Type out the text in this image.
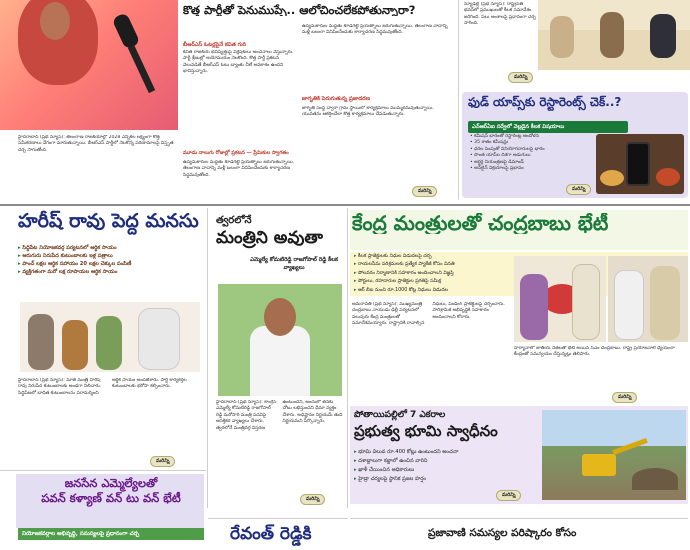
కొత్త పార్టీతో పెనుముప్పే.. ఆలోచించలేకపోతున్నారా?
హైదరాబాద్ (ప్రభ న్యూస్): తెలంగాణ రాజకీయాల్లో 2028 ఎన్నికల లక్ష్యంగా కొత్త సమీకరణాలు వేగంగా మారుతున్నాయి. బీఆర్ఎస్ పార్టీలో నెలకొన్న పరిణామాలపై విస్తృత చర్చ సాగుతోంది.
బీఆర్ఎస్ ఓటర్లపైనే కవిత గురి
కవిత రాజకీయ భవిష్యత్తుపై విశ్లేషకులు అంచనాలు వేస్తున్నారు. పార్టీ శ్రేణుల్లో అయోమయం నెలకొంది. కొత్త పార్టీ ప్రకటన వెలువడితే బీఆర్ఎస్ ఓటు బ్యాంకు చీలే అవకాశం ఉందని భావిస్తున్నారు.
మూడు నాలుగు రోజుల్లో ప్రకటన — ప్రేమికుల స్వాగతం
ఉద్యమకారుల మద్దతు కూడగట్టే ప్రయత్నాలు జరుగుతున్నాయి. తెలంగాణ వాదాన్ని మళ్లీ బలంగా వినిపించేందుకు కార్యాచరణ సిద్ధమవుతోంది.
ఉద్యమకారుల మద్దతు కూడగట్టే ప్రయత్నాలు జరుగుతున్నాయి. తెలంగాణ వాదాన్ని మళ్లీ బలంగా వినిపించేందుకు కార్యాచరణ సిద్ధమవుతోంది.
జాగృతికి పెరుగుతున్న ప్రజాదరణ
జాగృతి సంస్థ ద్వారా గ్రామ స్థాయిలో కార్యక్రమాలు ముమ్మరమవుతున్నాయి. యువతను ఆకర్షించేలా కొత్త కార్యక్రమాలు చేపడుతున్నారు.
మరిన్ని
న్యూఢిల్లీ (ప్రభ న్యూస్): రాష్ట్రపతి భవన్‌లో ప్రముఖులతో కీలక సమావేశం జరిగింది. పలు అంశాలపై ప్రధానంగా చర్చ సాగింది.
మరిన్ని
ఫుడ్ యాప్స్‌కు రెస్టారెంట్స్ చెక్..?
ఎన్ఆర్ఏఐ సర్వేలో వెల్లడైన కీలక విషయాలు
• కమీషన్ భారంతో రెస్టారెంట్ల ఆందోళన
• 35 శాతం కమీషన్లు
• ధరల పెంపుతో వినియోగదారులపై భారం
• సొంత యాప్‌ల దిశగా అడుగులు
• ఆర్డర్ల నియంత్రణపై డిమాండ్
• ఆన్‌లైన్ విక్రయాలపై ప్రభావం
మరిన్ని
హరీష్ రావు పెద్ద మనసు
▸ సిద్ధిపేట నియోజకవర్గ పర్యటనలో ఆర్థిక సాయం
▸ ఆరుగురు నిరుపేద కుటుంబాలకు ఇళ్ల పత్రాలు
▸ పాంచ్ లక్షల ఆర్థిక సహాయం 20 లక్షల చెక్కుల పంపిణీ
▸ వ్యక్తిగతంగా మరో లక్ష రూపాయల ఆర్థిక సాయం
హైదరాబాద్ (ప్రభ న్యూస్): మాజీ మంత్రి హరీష్ రావు నిరుపేద కుటుంబాలకు అండగా నిలిచారు. సిద్ధిపేటలో బాధిత కుటుంబాలను పరామర్శించి ఆర్థిక సాయం అందజేశారు. పార్టీ కార్యకర్తల కుటుంబాలకు భరోసా కల్పించారు.
మరిన్ని
త్వరలోనే
మంత్రిని అవుతా
ఎమ్మెల్యే కోమటిరెడ్డి రాజగోపాల్ రెడ్డి కీలక వ్యాఖ్యలు
హైదరాబాద్ (ప్రభ న్యూస్): కాంగ్రెస్ ఎమ్మెల్యే కోమటిరెడ్డి రాజగోపాల్ రెడ్డి మరోసారి మంత్రి పదవిపై ఆసక్తికర వ్యాఖ్యలు చేశారు. త్వరలోనే మంత్రివర్గ విస్తరణ ఉంటుందని, అందులో తనకు చోటు లభిస్తుందని ధీమా వ్యక్తం చేశారు. అధిష్టానం నిర్ణయమే తుది నిర్ణయమని పేర్కొన్నారు.
మరిన్ని
కేంద్ర మంత్రులతో చంద్రబాబు భేటీ
▸ కీలక ప్రాజెక్టులకు నిధుల విడుదలపై చర్చ
▸ రాయలసీమ పరిశ్రమలకు ప్రత్యేక ప్యాకేజీ కోసం వినతి
▸ పోలవరం నిర్మాణానికి సహకారం అందించాలని విజ్ఞప్తి
▸ పోర్టులు, రహదారుల ప్రాజెక్టుల ప్రగతిపై సమీక్ష
▸ ఆర్ బీఐ నుంచి రూ.1000 కోట్ల నిధులు విడుదల
అమరావతి (ప్రభ న్యూస్): ముఖ్యమంత్రి చంద్రబాబు నాయుడు ఢిల్లీ పర్యటనలో పలువురు కేంద్ర మంత్రులతో సమావేశమయ్యారు. రాష్ట్రానికి రావాల్సిన నిధులు, పెండింగ్ ప్రాజెక్టులపై చర్చించారు. పారిశ్రామిక అభివృద్ధికి సహకారం అందించాలని కోరారు.
హర్యానాలో జాతీయ నేతలతో భేటీ అయిన సీఎం చంద్రబాబు. రాష్ట్ర ప్రయోజనాలే ధ్యేయంగా కేంద్రంతో సమన్వయం చేస్తున్నట్లు తెలిపారు.
మరిన్ని
పోతాయిపల్లిలో 7 ఎకరాల
ప్రభుత్వ భూమి స్వాధీనం
▸ భూమి విలువ రూ.400 కోట్లు ఉంటుందని అంచనా
▸ దశాబ్దాలుగా కబ్జాలో ఉంచిన వారిని
▸ ఖాళీ చేయించిన అధికారులు
▸ హైడ్రా చర్యలపై స్థానిక ప్రజల హర్షం
మరిన్ని
జనసేన ఎమ్మెల్యేలతో
పవన్ కళ్యాణ్ వన్ టు వన్ భేటీ
నియోజకవర్గాల అభివృద్ధి, సమస్యలపై ప్రధానంగా చర్చ	రేవంత్ రెడ్డికి	ప్రజావాణి సమస్యల పరిష్కారం కోసం
